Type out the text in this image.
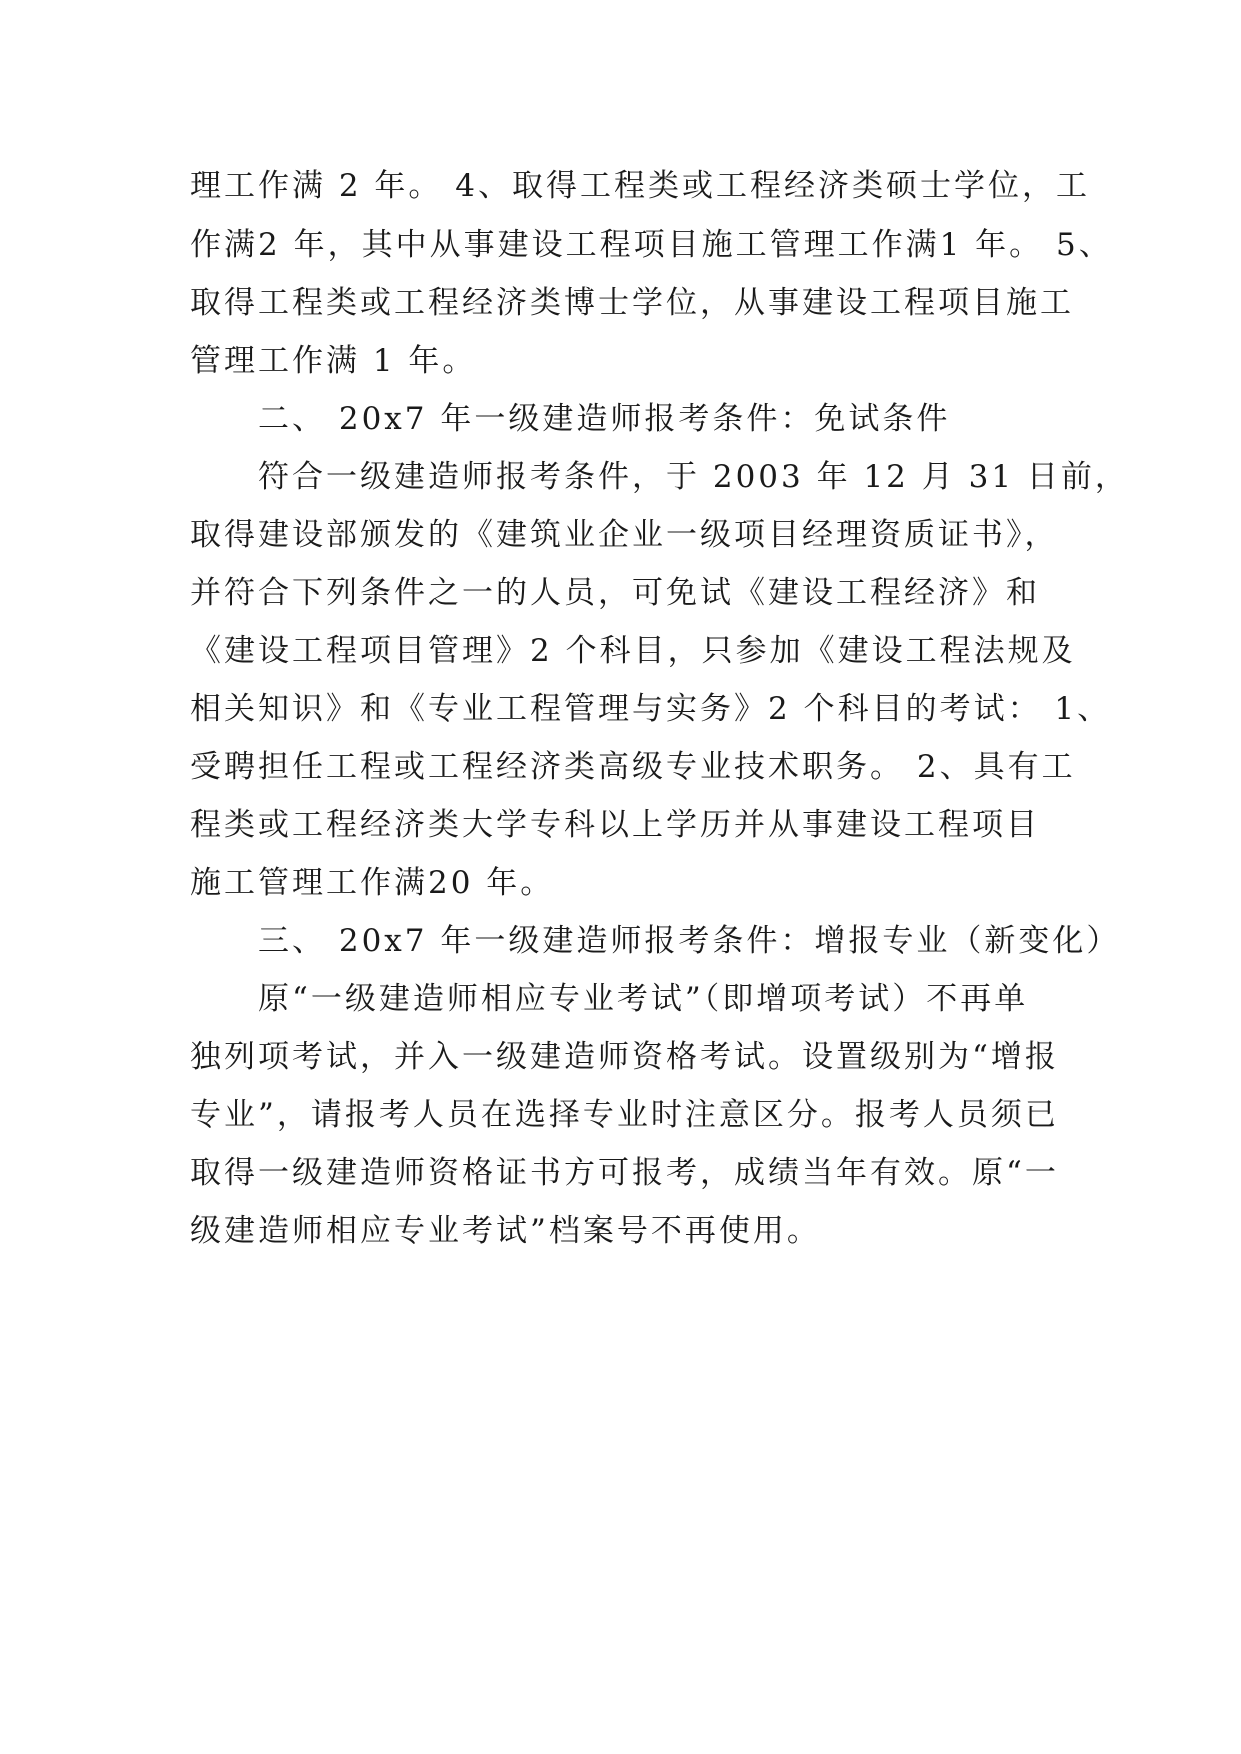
理工作满 2 年。 4、取得工程类或工程经济类硕士学位，工
作满2 年，其中从事建设工程项目施工管理工作满1 年。 5、
取得工程类或工程经济类博士学位，从事建设工程项目施工
管理工作满 1 年。
二、 20x7 年一级建造师报考条件：免试条件
符合一级建造师报考条件，于 2003 年 12 月 31 日前，
取得建设部颁发的《建筑业企业一级项目经理资质证书》，
并符合下列条件之一的人员，可免试《建设工程经济》和
《建设工程项目管理》2 个科目，只参加《建设工程法规及
相关知识》和《专业工程管理与实务》2 个科目的考试： 1、
受聘担任工程或工程经济类高级专业技术职务。 2、具有工
程类或工程经济类大学专科以上学历并从事建设工程项目
施工管理工作满20 年。
三、 20x7 年一级建造师报考条件：增报专业（新变化）
原“一级建造师相应专业考试”（即增项考试）不再单
独列项考试，并入一级建造师资格考试。设置级别为“增报
专业”，请报考人员在选择专业时注意区分。报考人员须已
取得一级建造师资格证书方可报考，成绩当年有效。原“一
级建造师相应专业考试”档案号不再使用。
